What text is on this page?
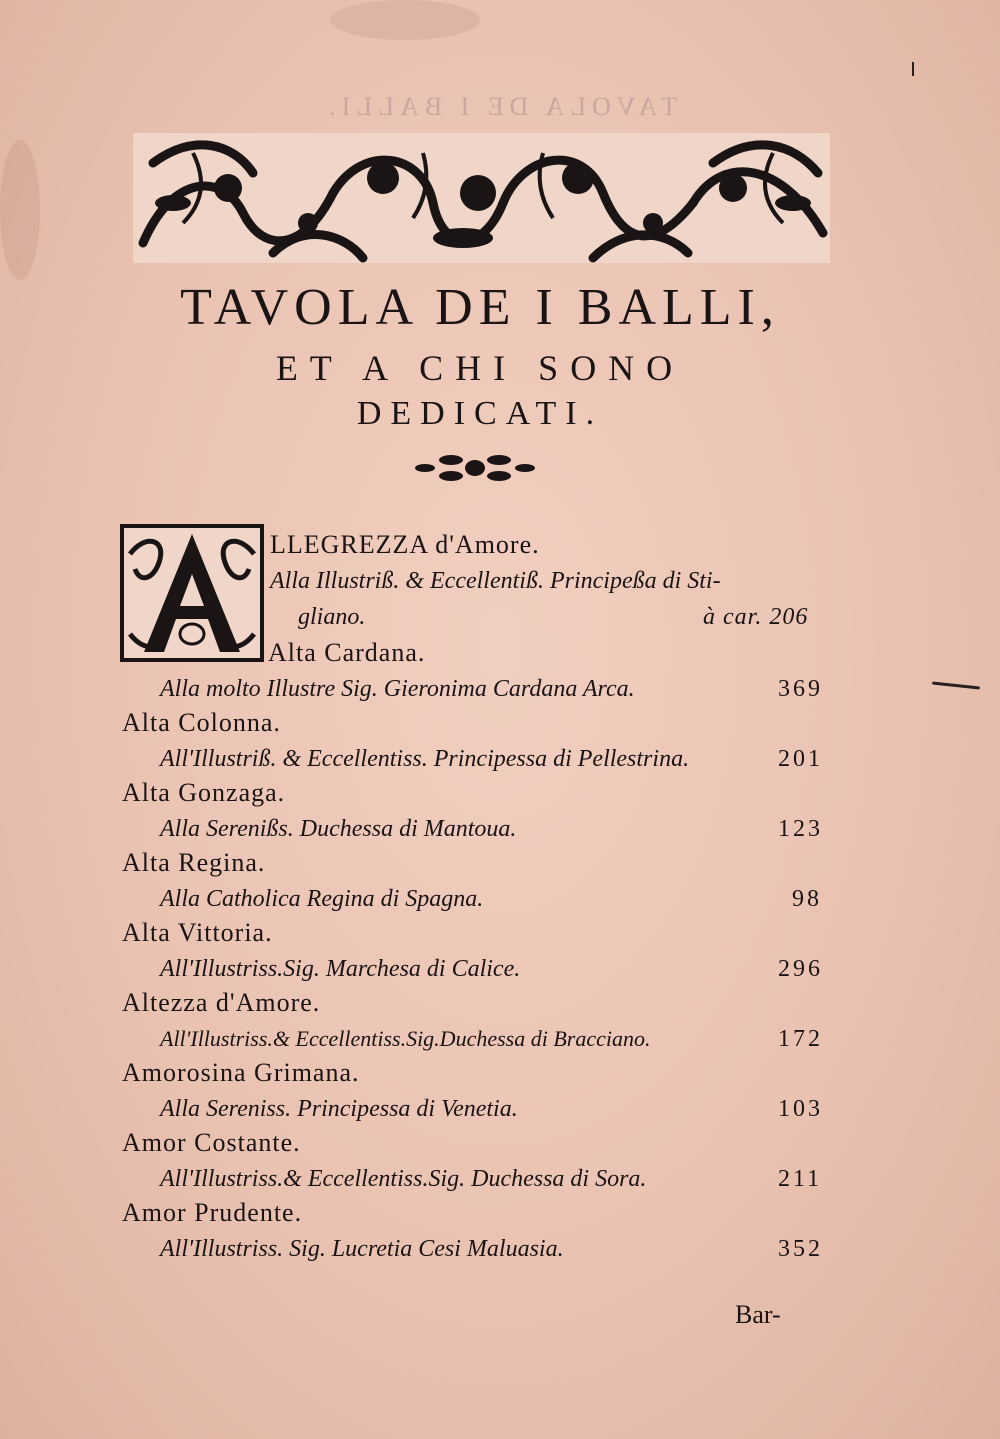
TAVOLA DE I BALLI.
TAVOLA DE I BALLI,
ET A CHI SONO
DEDICATI.
LLEGREZZA d'Amore.
Alla Illustriß. & Eccellentiß. Principeßa di Sti-
gliano.	à car. 206
Alta Cardana.
Alla molto Illustre Sig. Gieronima Cardana Arca.	369
Alta Colonna.
All'Illustriß. & Eccellentiss. Principessa di Pellestrina.	201
Alta Gonzaga.
Alla Serenißs. Duchessa di Mantoua.	123
Alta Regina.
Alla Catholica Regina di Spagna.	98
Alta Vittoria.
All'Illustriss.Sig. Marchesa di Calice.	296
Altezza d'Amore.
All'Illustriss.& Eccellentiss.Sig.Duchessa di Bracciano.	172
Amorosina Grimana.
Alla Sereniss. Principessa di Venetia.	103
Amor Costante.
All'Illustriss.& Eccellentiss.Sig. Duchessa di Sora.	211
Amor Prudente.
All'Illustriss. Sig. Lucretia Cesi Maluasia.	352
Bar-
